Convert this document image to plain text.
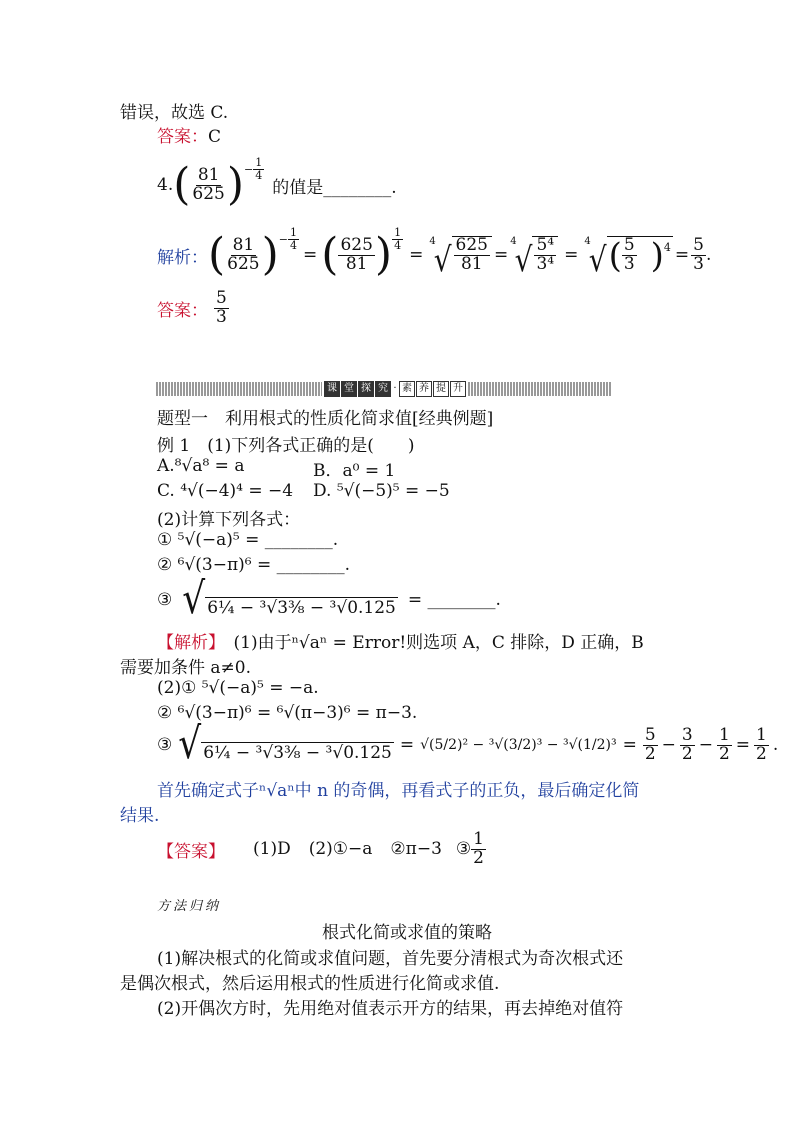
错误，故选 C.
答案：C
4. ( $\frac{81}{625}$ ) − $\frac{1}{4}$
的值是________.
解析： ( $\frac{81}{625}$ ) − $\frac{1}{4}$
= ( $\frac{625}{81}$ ) $\frac{1}{4}$
=
4
√ $\frac{625}{81}$ =
4
√ $\frac{\text{5⁴}}{\text{3⁴}}$ =
4
√ ( $\frac{5}{3}$ ) $4 = \frac{5}{3}$ .
答案： $\frac{5}{3}$
课 堂 探 究 · 素 养 提 升
题型一　利用根式的性质化简求值[经典例题]
例 1　(1)下列各式正确的是(　　)
A.⁸√a⁸ = a	B．a⁰ = 1
C. ⁴√(−4)⁴ = −4 D. ⁵√(−5)⁵ = −5
(2)计算下列各式：
① ⁵√(−a)⁵ = ________.
② ⁶√(3−π)⁶ = ________.
③ √ 6¼ − ³√3⅜ − ³√0.125 = ________.
【解析】　(1)由于ⁿ√aⁿ = Error!则选项 A，C 排除，D 正确，B
需要加条件 a≠0.
(2)① ⁵√(−a)⁵ = −a.
② ⁶√(3−π)⁶ = ⁶√(π−3)⁶ = π−3.
③ √ 6¼ − ³√3⅜ − $^3√0.125 = √(5/2)^2 - ^3√(3/2)^3 - ^3√(1/2)^3 = \frac{5}{2} - \frac{3}{2} - \frac{1}{2} = \frac{1}{2}$ .
首先确定式子ⁿ√aⁿ中 n 的奇偶，再看式子的正负，最后确定化简
结果.
【答案】 (1)D (2)①−a ②π−3 ③ $\frac{1}{2}$
方法归纳
根式化简或求值的策略
(1)解决根式的化简或求值问题，首先要分清根式为奇次根式还
是偶次根式，然后运用根式的性质进行化简或求值.
(2)开偶次方时，先用绝对值表示开方的结果，再去掉绝对值符
